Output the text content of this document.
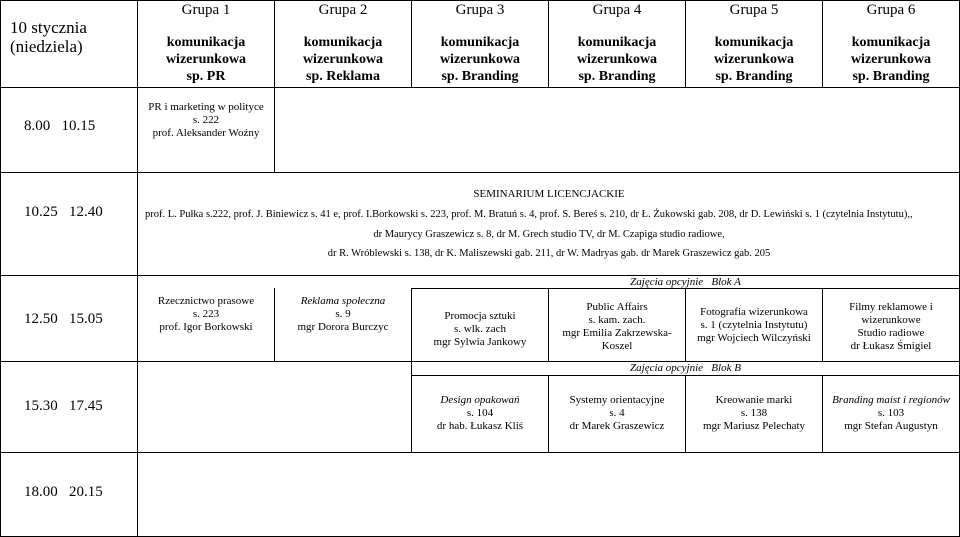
10 stycznia
(niedziela)
Grupa 1
komunikacja
wizerunkowa
sp. PR
Grupa 2
komunikacja
wizerunkowa
sp. Reklama
Grupa 3
komunikacja
wizerunkowa
sp. Branding
Grupa 4
komunikacja
wizerunkowa
sp. Branding
Grupa 5
komunikacja
wizerunkowa
sp. Branding
Grupa 6
komunikacja
wizerunkowa
sp. Branding
8.00   10.15
PR i marketing w polityce
s. 222
prof. Aleksander Woźny
10.25   12.40
SEMINARIUM LICENCJACKIE
prof. L. Pułka s.222, prof. J. Biniewicz s. 41 e, prof. I.Borkowski s. 223, prof. M. Bratuń s. 4, prof. S. Bereś s. 210, dr Ł. Żukowski gab. 208, dr D. Lewiński s. 1 (czytelnia Instytutu),,
dr Maurycy Graszewicz s. 8, dr M. Grech studio TV, dr M. Czapiga studio radiowe,
dr R. Wróblewski s. 138, dr K. Maliszewski gab. 211, dr W. Madryas gab. dr Marek Graszewicz gab. 205
12.50   15.05
Zajęcia opcyjnie   Blok A
Rzecznictwo prasowe
s. 223
prof. Igor Borkowski
Reklama społeczna
s. 9
mgr Dorora Burczyc
Promocja sztuki
s. wlk. zach
mgr Sylwia Jankowy
Public Affairs
s. kam. zach.
mgr Emilia Zakrzewska-
Koszel
Fotografia wizerunkowa
s. 1 (czytelnia Instytutu)
mgr Wojciech Wilczyński
Filmy reklamowe i
wizerunkowe
Studio radiowe
dr Łukasz Śmigiel
15.30   17.45
Zajęcia opcyjnie   Blok B
Design opakowań
s. 104
dr hab. Łukasz Kliś
Systemy orientacyjne
s. 4
dr Marek Graszewicz
Kreowanie marki
s. 138
mgr Mariusz Pelechaty
Branding maist i regionów
s. 103
mgr Stefan Augustyn
18.00   20.15
